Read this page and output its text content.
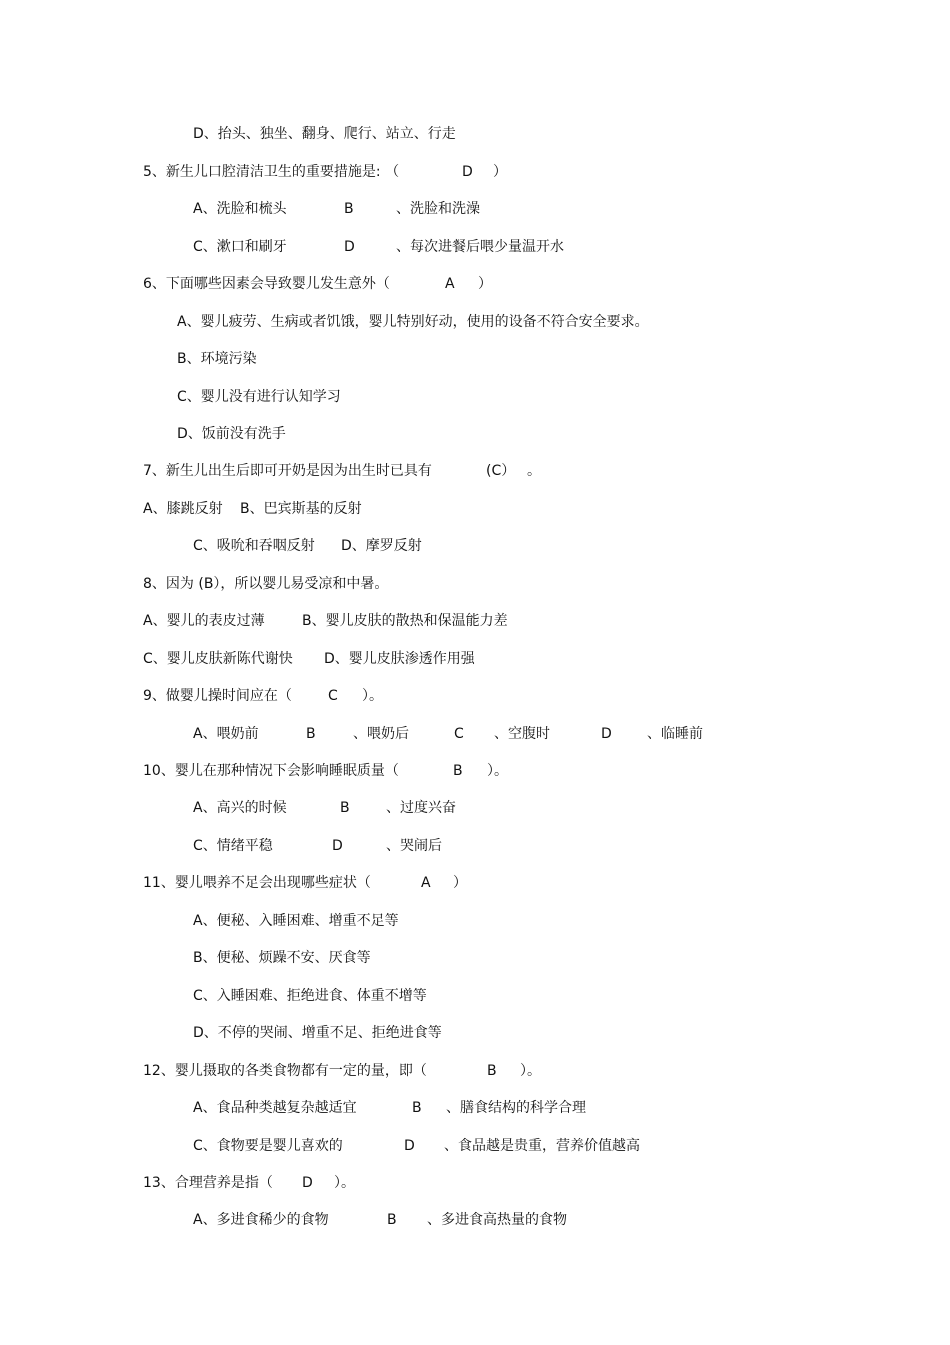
D、抬头、独坐、翻身、爬行、站立、行走
5、新生儿口腔清洁卫生的重要措施是: （	D ）
A、洗脸和梳头	B	、洗脸和洗澡
C、漱口和刷牙	D	、每次进餐后喂少量温开水
6、下面哪些因素会导致婴儿发生意外（	A ）
A、婴儿疲劳、生病或者饥饿，婴儿特别好动，使用的设备不符合安全要求。
B、环境污染
C、婴儿没有进行认知学习
D、饭前没有洗手
7、新生儿出生后即可开奶是因为出生时已具有	(C） 。
A、膝跳反射 B、巴宾斯基的反射
C、吸吮和吞咽反射 D、摩罗反射
8、因为 (B），所以婴儿易受凉和中暑。
A、婴儿的表皮过薄	B、婴儿皮肤的散热和保温能力差
C、婴儿皮肤新陈代谢快 D、婴儿皮肤渗透作用强
9、做婴儿操时间应在（	C ）。
A、喂奶前	B	、喂奶后	C 、空腹时	D	、临睡前
10、婴儿在那种情况下会影响睡眠质量（	B ）。
A、高兴的时候	B	、过度兴奋
C、情绪平稳	D	、哭闹后
11、婴儿喂养不足会出现哪些症状（	A ）
A、便秘、入睡困难、增重不足等
B、便秘、烦躁不安、厌食等
C、入睡困难、拒绝进食、体重不增等
D、不停的哭闹、增重不足、拒绝进食等
12、婴儿摄取的各类食物都有一定的量，即（	B ）。
A、食品种类越复杂越适宜	B 、膳食结构的科学合理
C、食物要是婴儿喜欢的	D 、食品越是贵重，营养价值越高
13、合理营养是指（ D ）。
A、多进食稀少的食物	B 、多进食高热量的食物
